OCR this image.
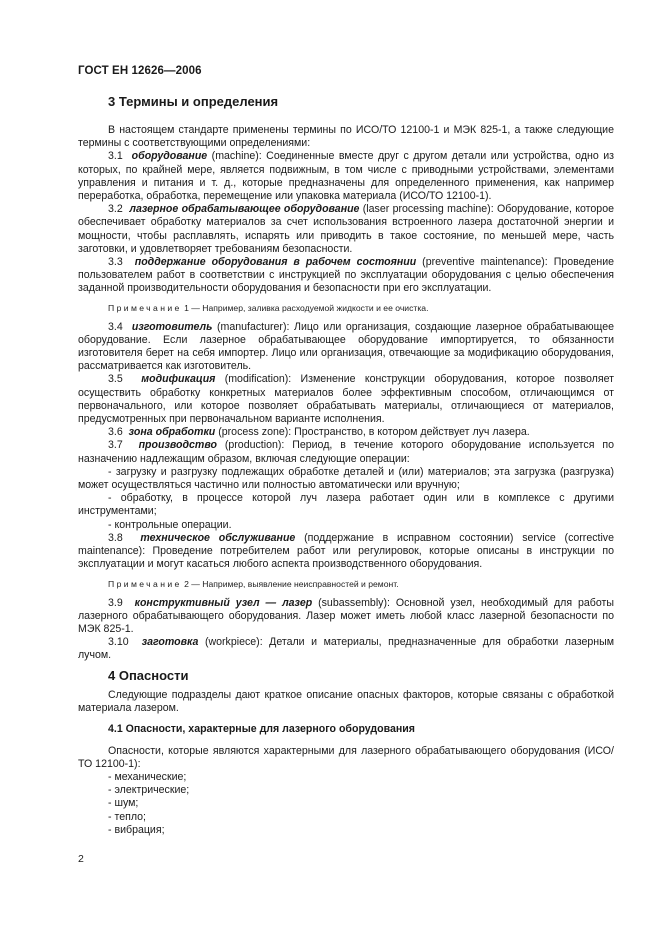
ГОСТ ЕН 12626—2006
3 Термины и определения

В настоящем стандарте применены термины по ИСО/ТО 12100-1 и МЭК 825-1, а также следующие термины с соответствующими определениями:

3.1 оборудование (machine): Соединенные вместе друг с другом детали или устройства, одно из которых, по крайней мере, является подвижным, в том числе с приводными устройствами, элементами управления и питания и т. д., которые предназначены для определенного применения, как например переработка, обработка, перемещение или упаковка материала (ИСО/ТО 12100-1).

3.2 лазерное обрабатывающее оборудование (laser processing machine): Оборудование, которое обеспечивает обработку материалов за счет использования встроенного лазера достаточной энергии и мощности, чтобы расплавлять, испарять или приводить в такое состояние, по меньшей мере, часть заготовки, и удовлетворяет требованиям безопасности.

3.3 поддержание оборудования в рабочем состоянии (preventive maintenance): Проведение пользователем работ в соответствии с инструкцией по эксплуатации оборудования с целью обеспечения заданной производительности оборудования и безопасности при его эксплуатации.

Примечание 1 — Например, заливка расходуемой жидкости и ее очистка.

3.4 изготовитель (manufacturer): Лицо или организация, создающие лазерное обрабатывающее оборудование. Если лазерное обрабатывающее оборудование импортируется, то обязанности изготовителя берет на себя импортер. Лицо или организация, отвечающие за модификацию оборудования, рассматривается как изготовитель.

3.5 модификация (modification): Изменение конструкции оборудования, которое позволяет осуществить обработку конкретных материалов более эффективным способом, отличающимся от первоначального, или которое позволяет обрабатывать материалы, отличающиеся от материалов, предусмотренных при первоначальном варианте исполнения.

3.6 зона обработки (process zone): Пространство, в котором действует луч лазера.

3.7 производство (production): Период, в течение которого оборудование используется по назначению надлежащим образом, включая следующие операции:

- загрузку и разгрузку подлежащих обработке деталей и (или) материалов; эта загрузка (разгрузка) может осуществляться частично или полностью автоматически или вручную;

- обработку, в процессе которой луч лазера работает один или в комплексе с другими инструментами;

- контрольные операции.

3.8 техническое обслуживание (поддержание в исправном состоянии) service (corrective maintenance): Проведение потребителем работ или регулировок, которые описаны в инструкции по эксплуатации и могут касаться любого аспекта производственного оборудования.

Примечание 2 — Например, выявление неисправностей и ремонт.

3.9 конструктивный узел — лазер (subassembly): Основной узел, необходимый для работы лазерного обрабатывающего оборудования. Лазер может иметь любой класс лазерной безопасности по МЭК 825-1.

3.10 заготовка (workpiece): Детали и материалы, предназначенные для обработки лазерным лучом.

4 Опасности

Следующие подразделы дают краткое описание опасных факторов, которые связаны с обработкой материала лазером.

4.1 Опасности, характерные для лазерного оборудования

Опасности, которые являются характерными для лазерного обрабатывающего оборудования (ИСО/ТО 12100-1):

- механические;

- электрические;

- шум;

- тепло;

- вибрация;

2
